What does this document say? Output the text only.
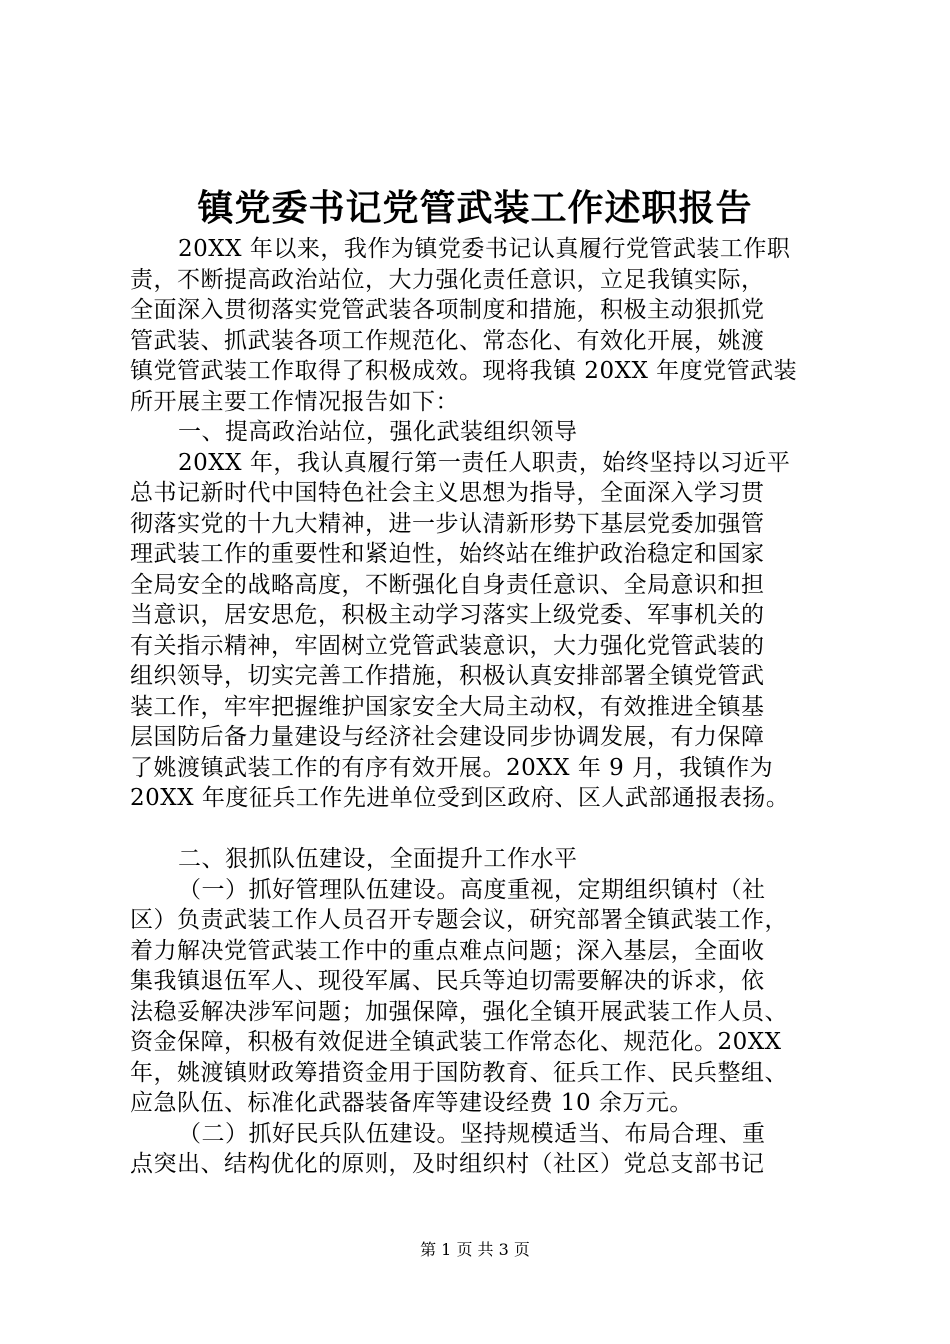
镇党委书记党管武装工作述职报告
20XX 年以来，我作为镇党委书记认真履行党管武装工作职
责，不断提高政治站位，大力强化责任意识，立足我镇实际，
全面深入贯彻落实党管武装各项制度和措施，积极主动狠抓党
管武装、抓武装各项工作规范化、常态化、有效化开展，姚渡
镇党管武装工作取得了积极成效。现将我镇 20XX 年度党管武装
所开展主要工作情况报告如下：
一、提高政治站位，强化武装组织领导
20XX 年，我认真履行第一责任人职责，始终坚持以习近平
总书记新时代中国特色社会主义思想为指导，全面深入学习贯
彻落实党的十九大精神，进一步认清新形势下基层党委加强管
理武装工作的重要性和紧迫性，始终站在维护政治稳定和国家
全局安全的战略高度，不断强化自身责任意识、全局意识和担
当意识，居安思危，积极主动学习落实上级党委、军事机关的
有关指示精神，牢固树立党管武装意识，大力强化党管武装的
组织领导，切实完善工作措施，积极认真安排部署全镇党管武
装工作，牢牢把握维护国家安全大局主动权，有效推进全镇基
层国防后备力量建设与经济社会建设同步协调发展，有力保障
了姚渡镇武装工作的有序有效开展。20XX 年 9 月，我镇作为
20XX 年度征兵工作先进单位受到区政府、区人武部通报表扬。
二、狠抓队伍建设，全面提升工作水平
（一）抓好管理队伍建设。高度重视，定期组织镇村（社
区）负责武装工作人员召开专题会议，研究部署全镇武装工作，
着力解决党管武装工作中的重点难点问题；深入基层，全面收
集我镇退伍军人、现役军属、民兵等迫切需要解决的诉求，依
法稳妥解决涉军问题；加强保障，强化全镇开展武装工作人员、
资金保障，积极有效促进全镇武装工作常态化、规范化。20XX
年，姚渡镇财政筹措资金用于国防教育、征兵工作、民兵整组、
应急队伍、标准化武器装备库等建设经费 10 余万元。
（二）抓好民兵队伍建设。坚持规模适当、布局合理、重
点突出、结构优化的原则，及时组织村（社区）党总支部书记
第 1 页 共 3 页
